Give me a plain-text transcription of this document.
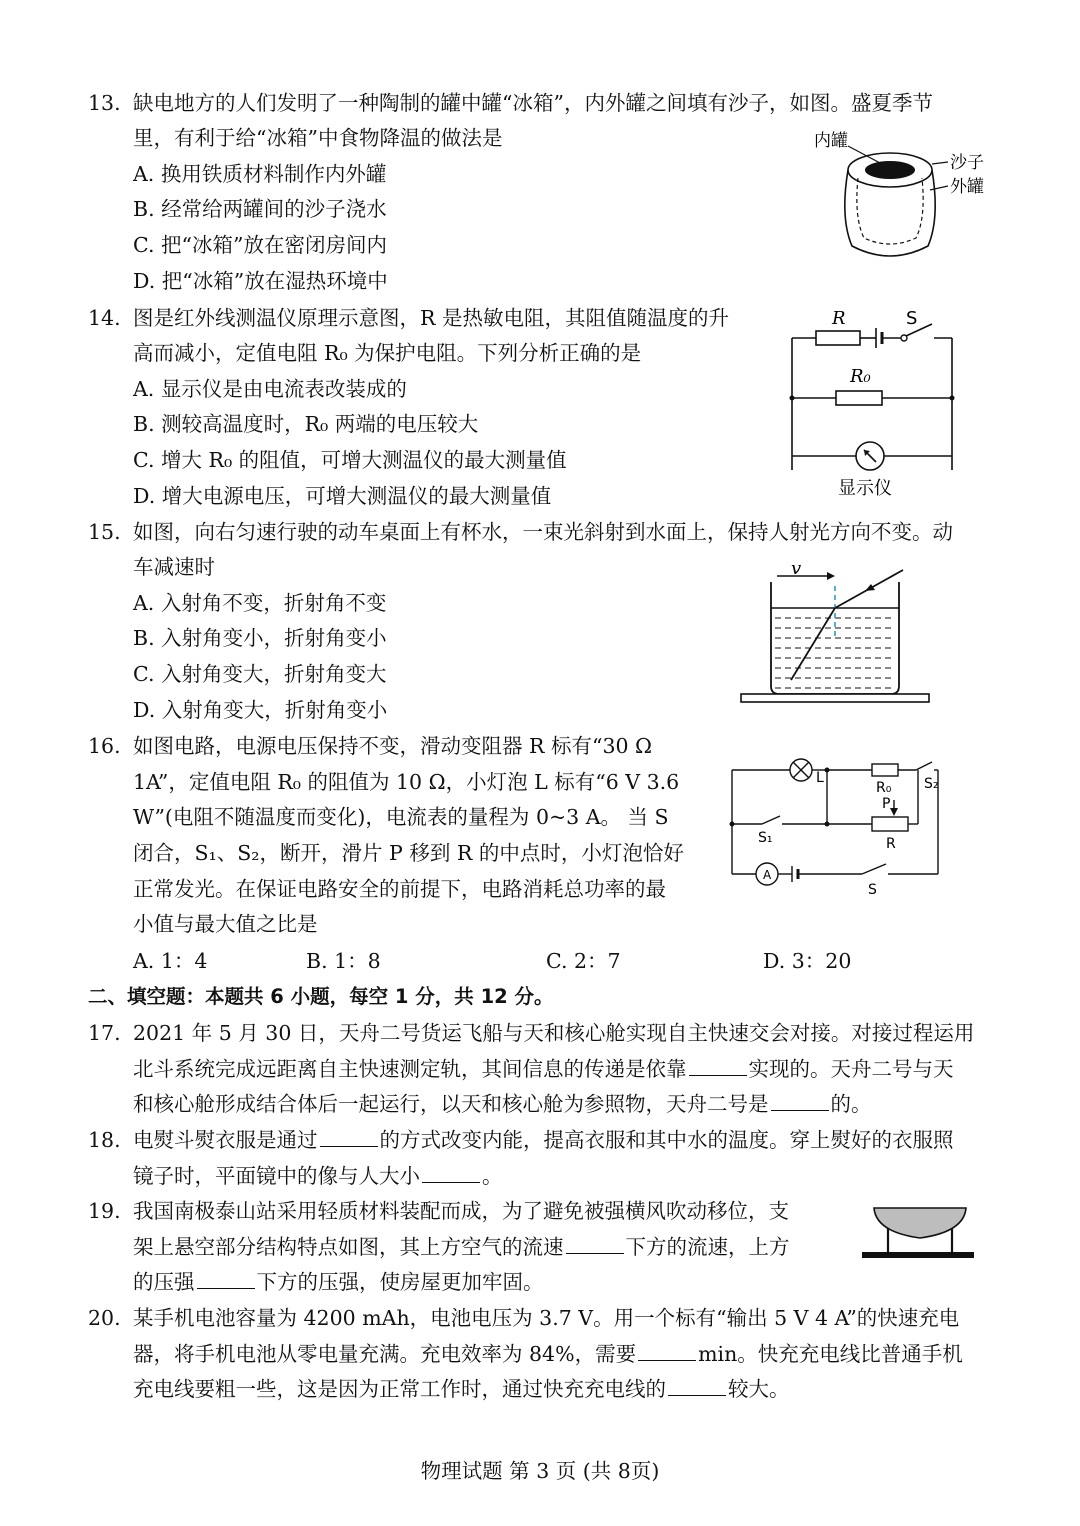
13. 缺电地方的人们发明了一种陶制的罐中罐“冰箱”，内外罐之间填有沙子，如图。盛夏季节
里，有利于给“冰箱”中食物降温的做法是
A. 换用铁质材料制作内外罐
B. 经常给两罐间的沙子浇水
C. 把“冰箱”放在密闭房间内
D. 把“冰箱”放在湿热环境中
内罐
沙子
外罐
14. 图是红外线测温仪原理示意图，R 是热敏电阻，其阻值随温度的升
高而减小，定值电阻 R₀ 为保护电阻。下列分析正确的是
A. 显示仪是由电流表改装成的
B. 测较高温度时，R₀ 两端的电压较大
C. 增大 R₀ 的阻值，可增大测温仪的最大测量值
D. 增大电源电压，可增大测温仪的最大测量值
R	S
R₀
显示仪
15. 如图，向右匀速行驶的动车桌面上有杯水，一束光斜射到水面上，保持人射光方向不变。动
车减速时
A. 入射角不变，折射角不变
B. 入射角变小，折射角变小
C. 入射角变大，折射角变大
D. 入射角变大，折射角变小
v
16. 如图电路，电源电压保持不变，滑动变阻器 R 标有“30 Ω
1A”，定值电阻 R₀ 的阻值为 10 Ω，小灯泡 L 标有“6 V 3.6
W”(电阻不随温度而变化)，电流表的量程为 0~3 A。 当 S
闭合，S₁、S₂，断开，滑片 P 移到 R 的中点时，小灯泡恰好
正常发光。在保证电路安全的前提下，电路消耗总功率的最
小值与最大值之比是
A. 1：4	B. 1：8	C. 2：7	D. 3：20
L
R₀ S₂
P
S₁	R
A
S
二、填空题：本题共 6 小题，每空 1 分，共 12 分。
17. 2021 年 5 月 30 日，天舟二号货运飞船与天和核心舱实现自主快速交会对接。对接过程运用
北斗系统完成远距离自主快速测定轨，其间信息的传递是依靠	实现的。天舟二号与天
和核心舱形成结合体后一起运行，以天和核心舱为参照物，天舟二号是	的。
18. 电熨斗熨衣服是通过	的方式改变内能，提高衣服和其中水的温度。穿上熨好的衣服照
镜子时，平面镜中的像与人大小	。
19. 我国南极泰山站采用轻质材料装配而成，为了避免被强横风吹动移位，支
架上悬空部分结构特点如图，其上方空气的流速	下方的流速，上方
的压强	下方的压强，使房屋更加牢固。
20. 某手机电池容量为 4200 mAh，电池电压为 3.7 V。用一个标有“输出 5 V 4 A”的快速充电
器，将手机电池从零电量充满。充电效率为 84%，需要	min。快充充电线比普通手机
充电线要粗一些，这是因为正常工作时，通过快充充电线的	较大。
物理试题 第 3 页 (共 8页)
